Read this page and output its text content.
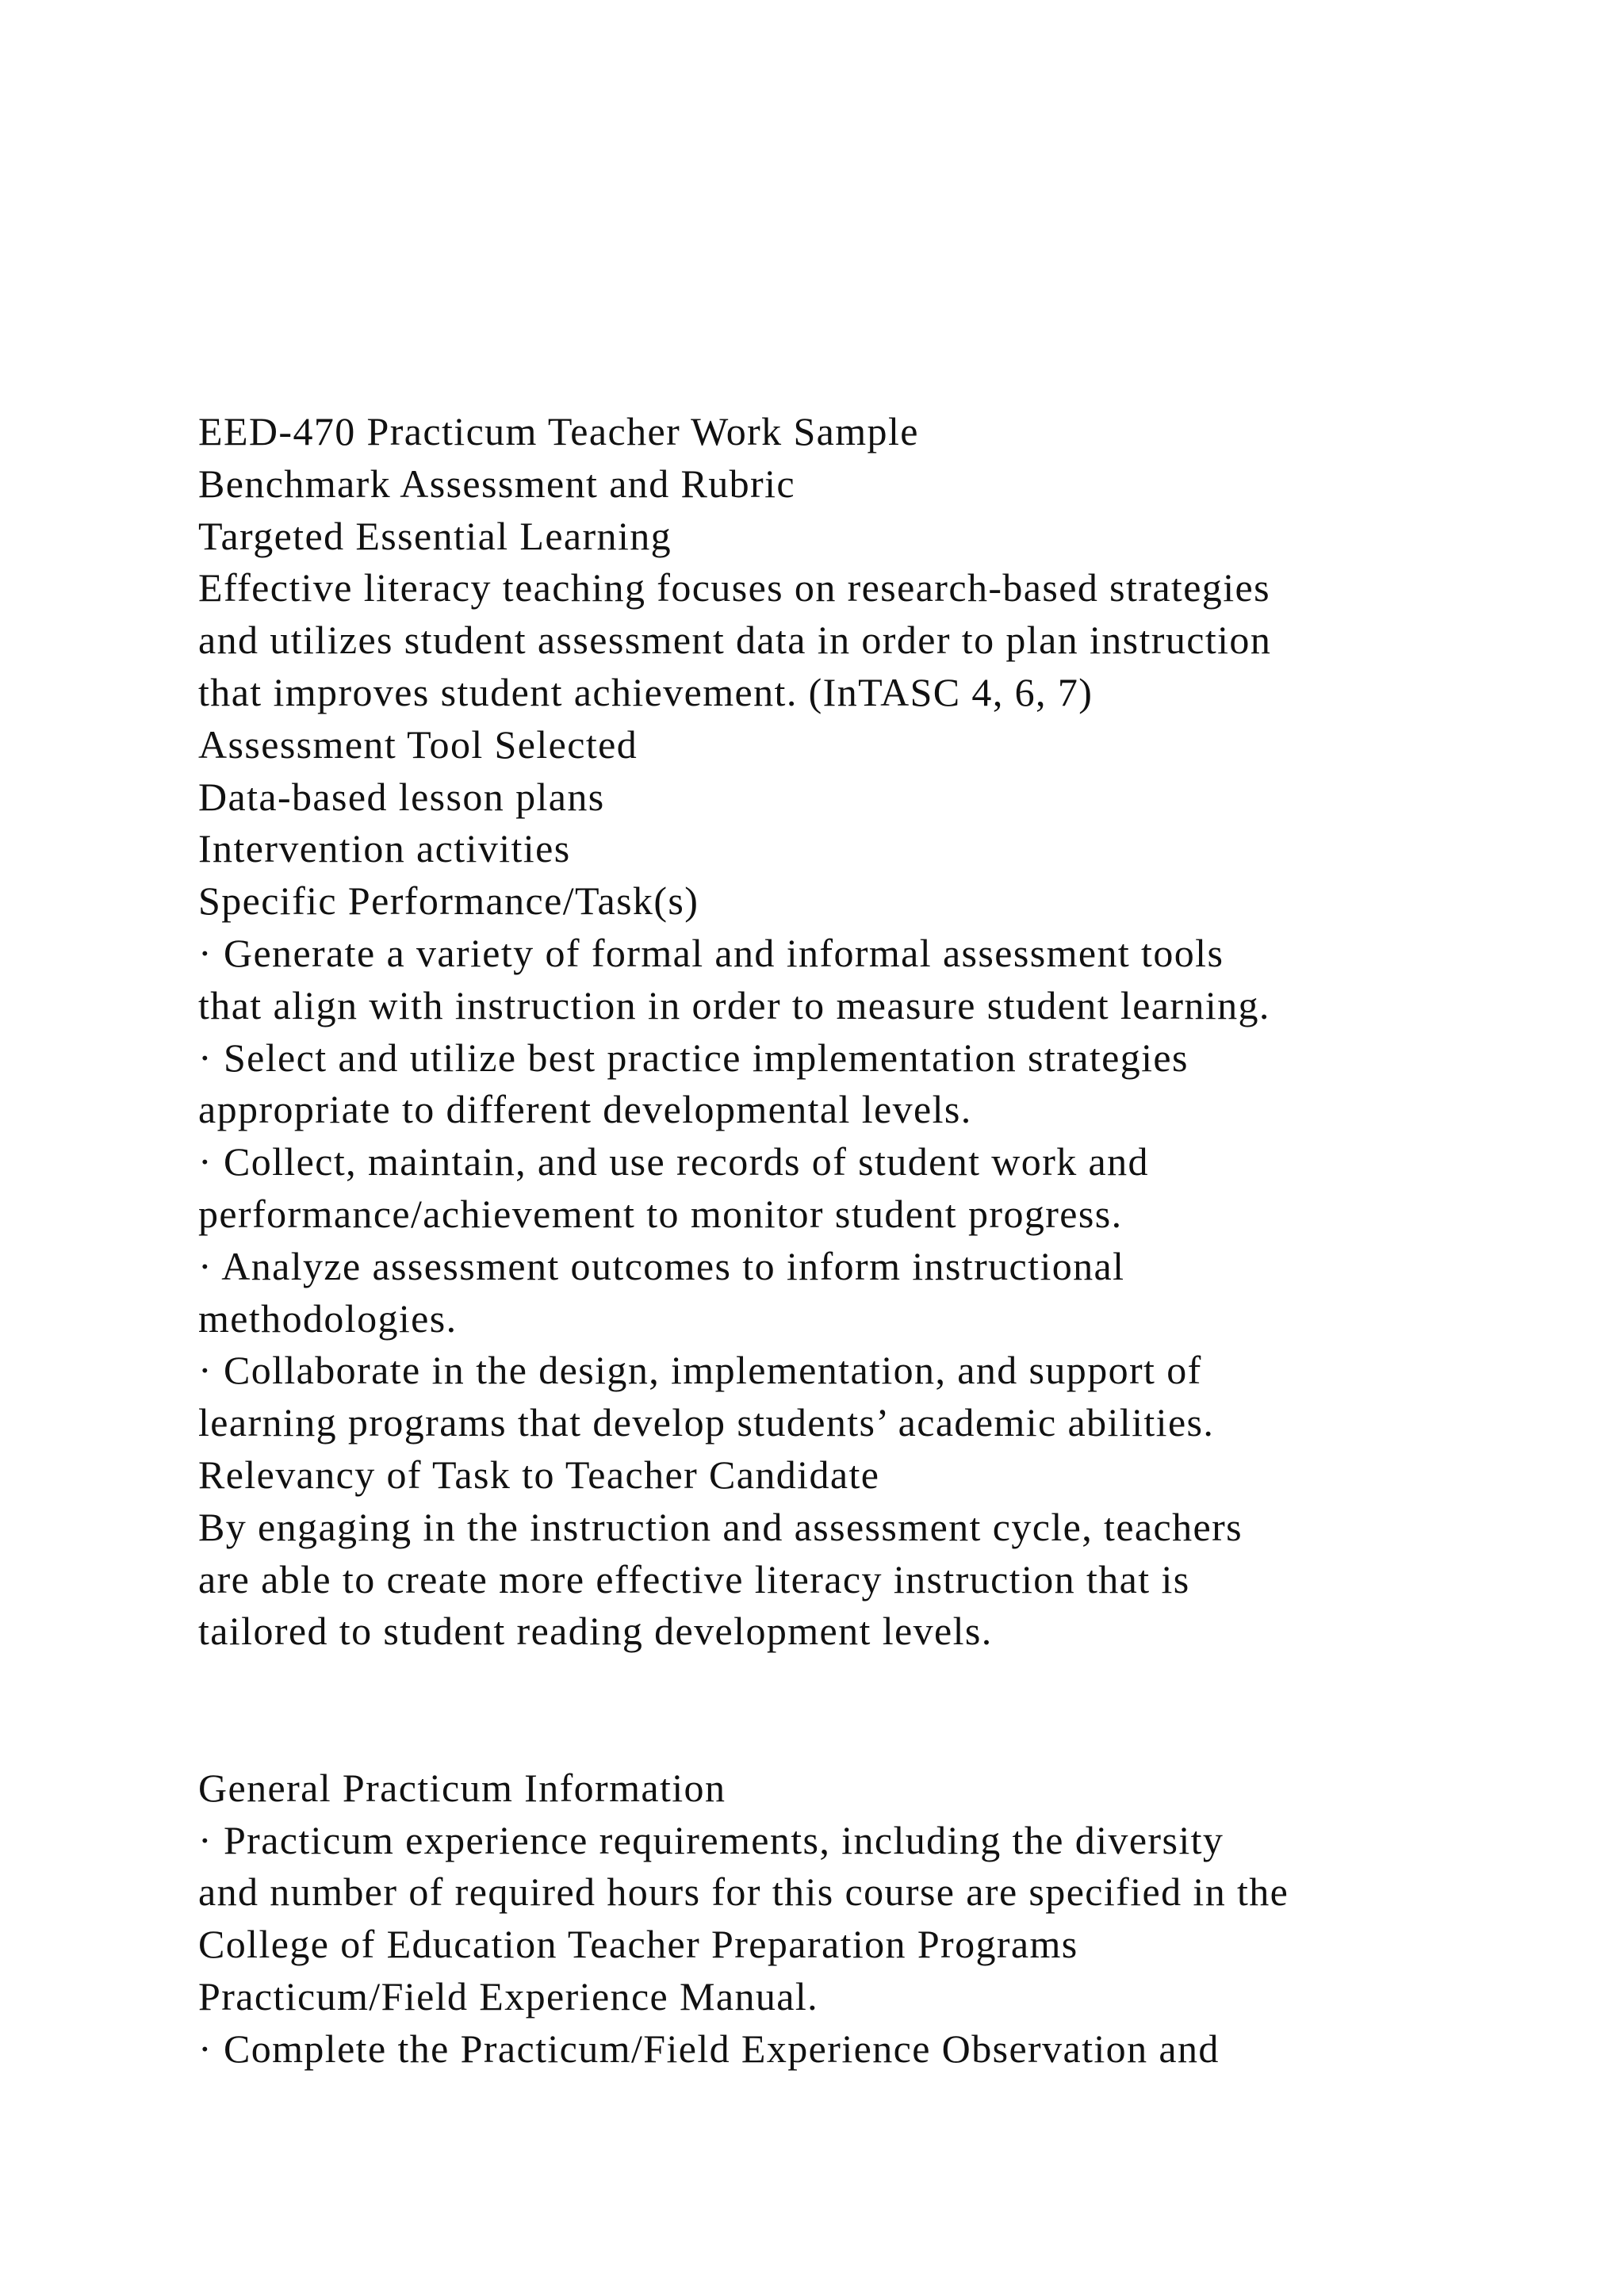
EED-470 Practicum Teacher Work Sample
Benchmark Assessment and Rubric
Targeted Essential Learning
Effective literacy teaching focuses on research-based strategies
and utilizes student assessment data in order to plan instruction
that improves student achievement. (InTASC 4, 6, 7)
Assessment Tool Selected
Data-based lesson plans
Intervention activities
Specific Performance/Task(s)
· Generate a variety of formal and informal assessment tools
that align with instruction in order to measure student learning.
· Select and utilize best practice implementation strategies
appropriate to different developmental levels.
· Collect, maintain, and use records of student work and
performance/achievement to monitor student progress.
· Analyze assessment outcomes to inform instructional
methodologies.
· Collaborate in the design, implementation, and support of
learning programs that develop students’ academic abilities.
Relevancy of Task to Teacher Candidate
By engaging in the instruction and assessment cycle, teachers
are able to create more effective literacy instruction that is
tailored to student reading development levels.
General Practicum Information
· Practicum experience requirements, including the diversity
and number of required hours for this course are specified in the
College of Education Teacher Preparation Programs
Practicum/Field Experience Manual.
· Complete the Practicum/Field Experience Observation and
